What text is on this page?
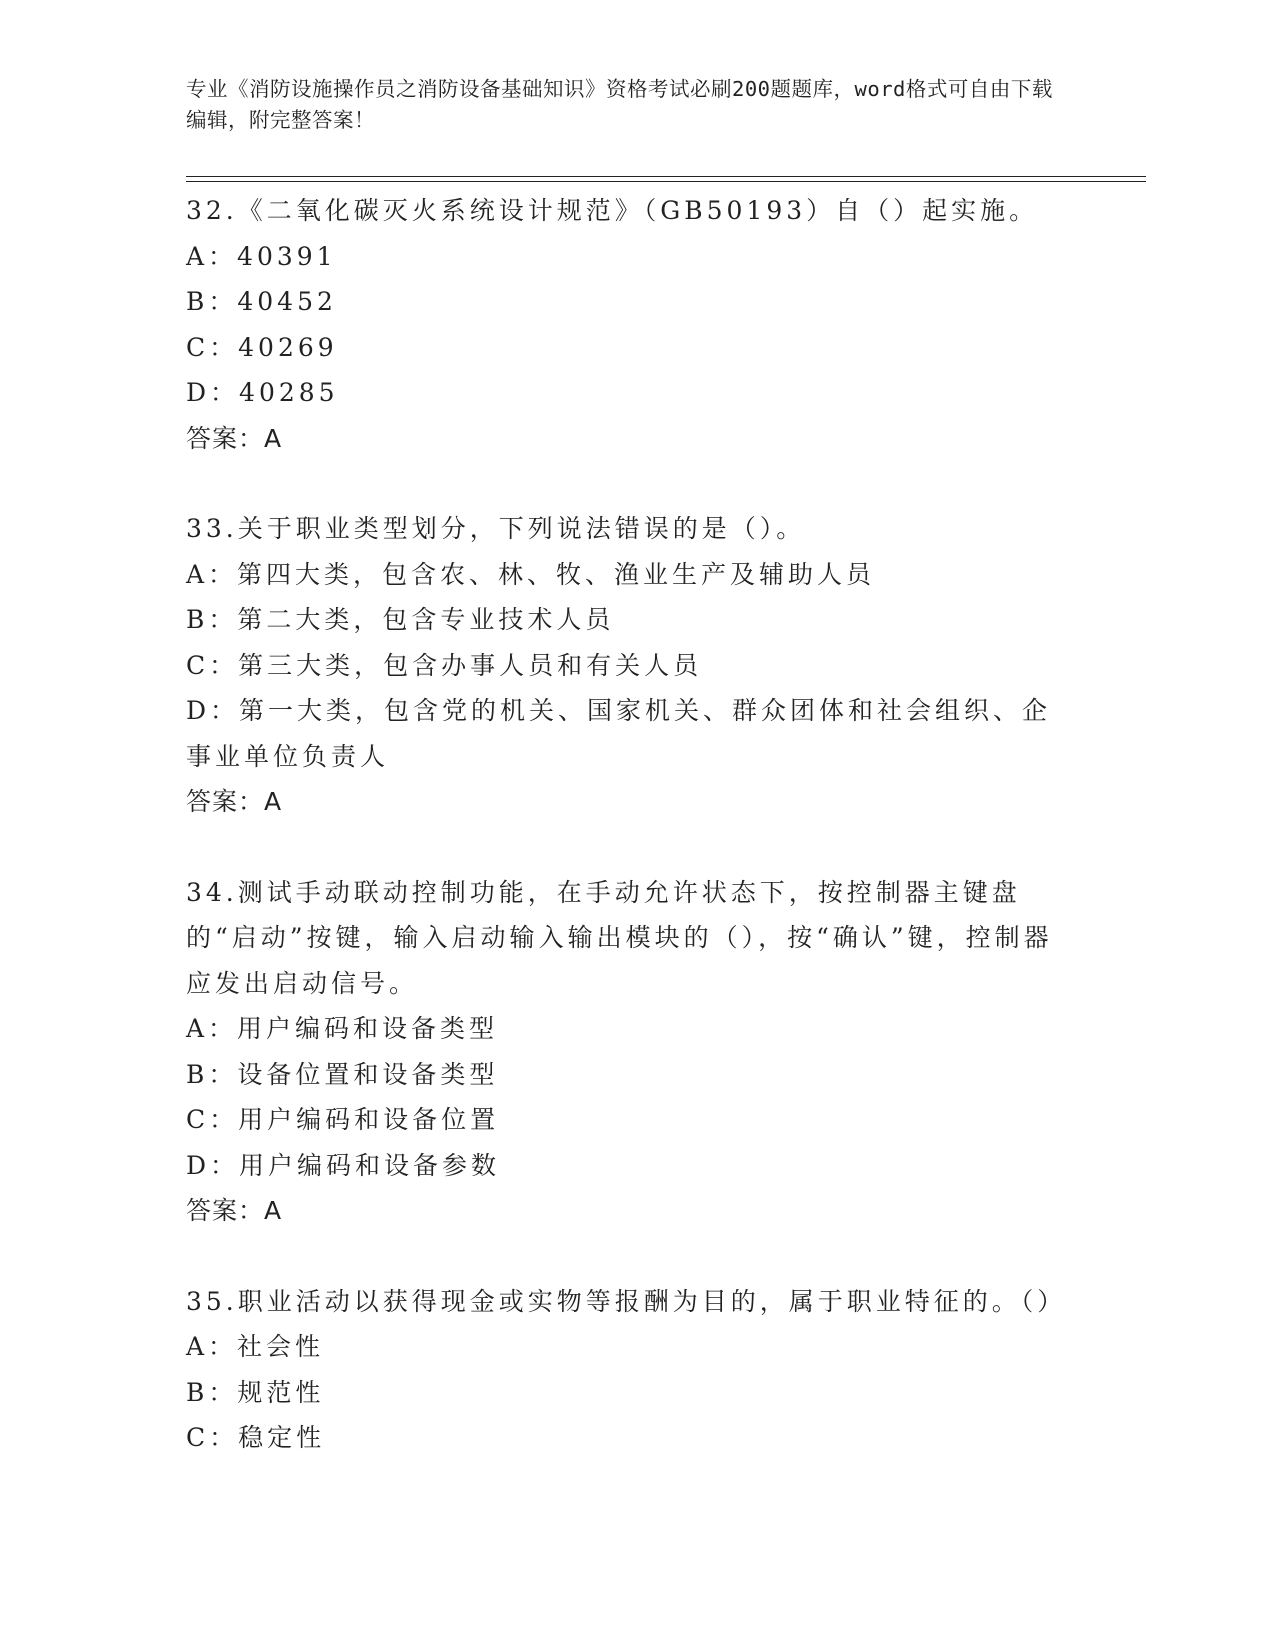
专业《消防设施操作员之消防设备基础知识》资格考试必刷200题题库，word格式可自由下载编辑，附完整答案！
32.《二氧化碳灭火系统设计规范》（GB50193）自（）起实施。
A：40391
B：40452
C：40269
D：40285
答案：A
33.关于职业类型划分，下列说法错误的是（）。
A：第四大类，包含农、林、牧、渔业生产及辅助人员
B：第二大类，包含专业技术人员
C：第三大类，包含办事人员和有关人员
D：第一大类，包含党的机关、国家机关、群众团体和社会组织、企事业单位负责人
答案：A
34.测试手动联动控制功能，在手动允许状态下，按控制器主键盘的“启动”按键，输入启动输入输出模块的（），按“确认”键，控制器应发出启动信号。
A：用户编码和设备类型
B：设备位置和设备类型
C：用户编码和设备位置
D：用户编码和设备参数
答案：A
35.职业活动以获得现金或实物等报酬为目的，属于职业特征的。（）
A：社会性
B：规范性
C：稳定性
